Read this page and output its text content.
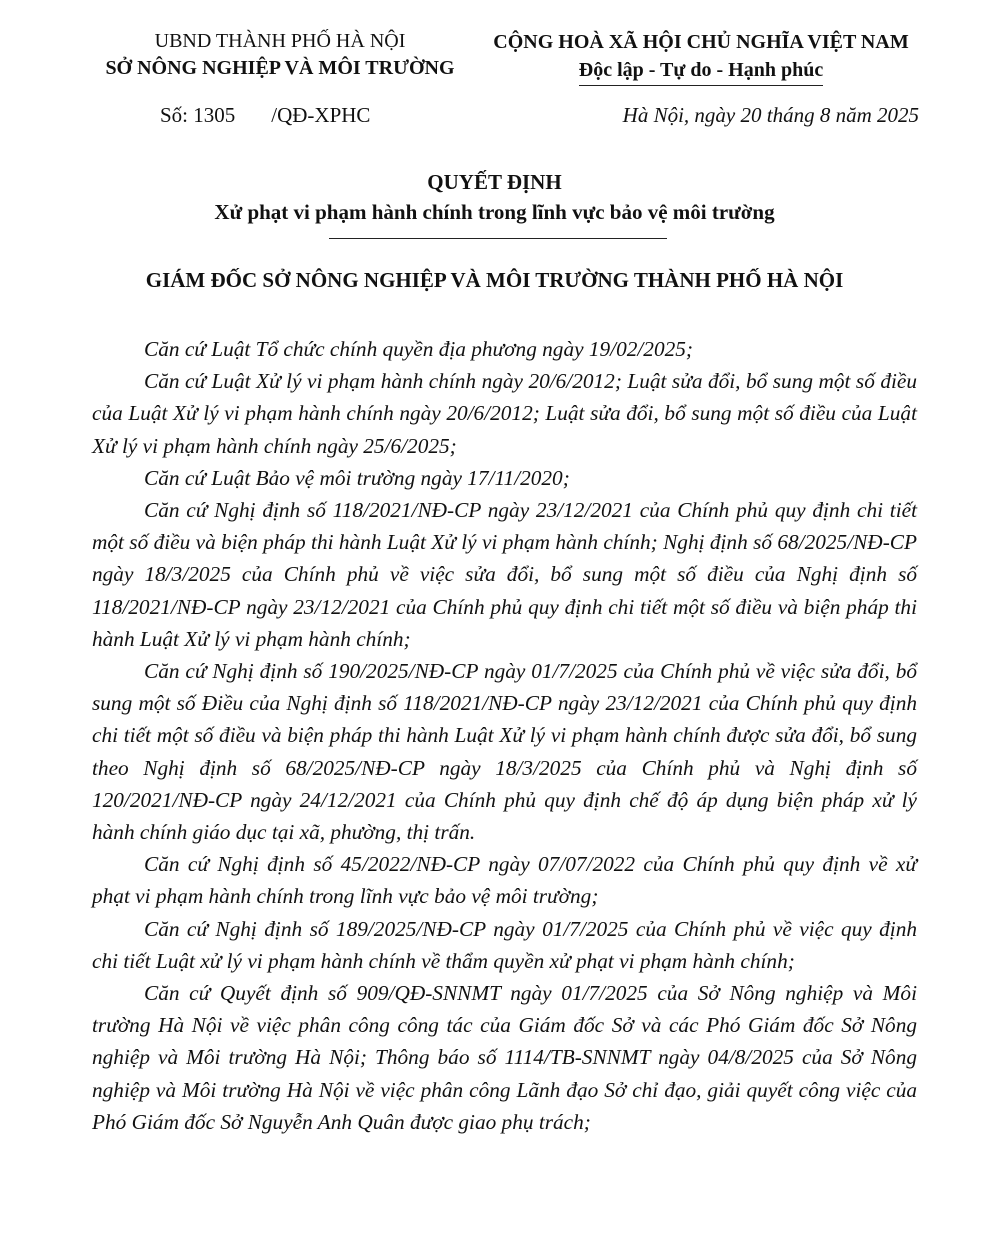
UBND THÀNH PHỐ HÀ NỘI
SỞ NÔNG NGHIỆP VÀ MÔI TRƯỜNG
CỘNG HOÀ XÃ HỘI CHỦ NGHĨA VIỆT NAM
Độc lập - Tự do - Hạnh phúc
Số: 1305 /QĐ-XPHC	Hà Nội, ngày 20 tháng 8 năm 2025
QUYẾT ĐỊNH
Xử phạt vi phạm hành chính trong lĩnh vực bảo vệ môi trường
GIÁM ĐỐC SỞ NÔNG NGHIỆP VÀ MÔI TRƯỜNG THÀNH PHỐ HÀ NỘI

Căn cứ Luật Tổ chức chính quyền địa phương ngày 19/02/2025;

Căn cứ Luật Xử lý vi phạm hành chính ngày 20/6/2012; Luật sửa đổi, bổ sung một số điều của Luật Xử lý vi phạm hành chính ngày 20/6/2012; Luật sửa đổi, bổ sung một số điều của Luật Xử lý vi phạm hành chính ngày 25/6/2025;

Căn cứ Luật Bảo vệ môi trường ngày 17/11/2020;

Căn cứ Nghị định số 118/2021/NĐ-CP ngày 23/12/2021 của Chính phủ quy định chi tiết một số điều và biện pháp thi hành Luật Xử lý vi phạm hành chính; Nghị định số 68/2025/NĐ-CP ngày 18/3/2025 của Chính phủ về việc sửa đổi, bổ sung một số điều của Nghị định số 118/2021/NĐ-CP ngày 23/12/2021 của Chính phủ quy định chi tiết một số điều và biện pháp thi hành Luật Xử lý vi phạm hành chính;

Căn cứ Nghị định số 190/2025/NĐ-CP ngày 01/7/2025 của Chính phủ về việc sửa đổi, bổ sung một số Điều của Nghị định số 118/2021/NĐ-CP ngày 23/12/2021 của Chính phủ quy định chi tiết một số điều và biện pháp thi hành Luật Xử lý vi phạm hành chính được sửa đổi, bổ sung theo Nghị định số 68/2025/NĐ-CP ngày 18/3/2025 của Chính phủ và Nghị định số 120/2021/NĐ-CP ngày 24/12/2021 của Chính phủ quy định chế độ áp dụng biện pháp xử lý hành chính giáo dục tại xã, phường, thị trấn.

Căn cứ Nghị định số 45/2022/NĐ-CP ngày 07/07/2022 của Chính phủ quy định về xử phạt vi phạm hành chính trong lĩnh vực bảo vệ môi trường;

Căn cứ Nghị định số 189/2025/NĐ-CP ngày 01/7/2025 của Chính phủ về việc quy định chi tiết Luật xử lý vi phạm hành chính về thẩm quyền xử phạt vi phạm hành chính;

Căn cứ Quyết định số 909/QĐ-SNNMT ngày 01/7/2025 của Sở Nông nghiệp và Môi trường Hà Nội về việc phân công công tác của Giám đốc Sở và các Phó Giám đốc Sở Nông nghiệp và Môi trường Hà Nội; Thông báo số 1114/TB-SNNMT ngày 04/8/2025 của Sở Nông nghiệp và Môi trường Hà Nội về việc phân công Lãnh đạo Sở chỉ đạo, giải quyết công việc của Phó Giám đốc Sở Nguyễn Anh Quân được giao phụ trách;
